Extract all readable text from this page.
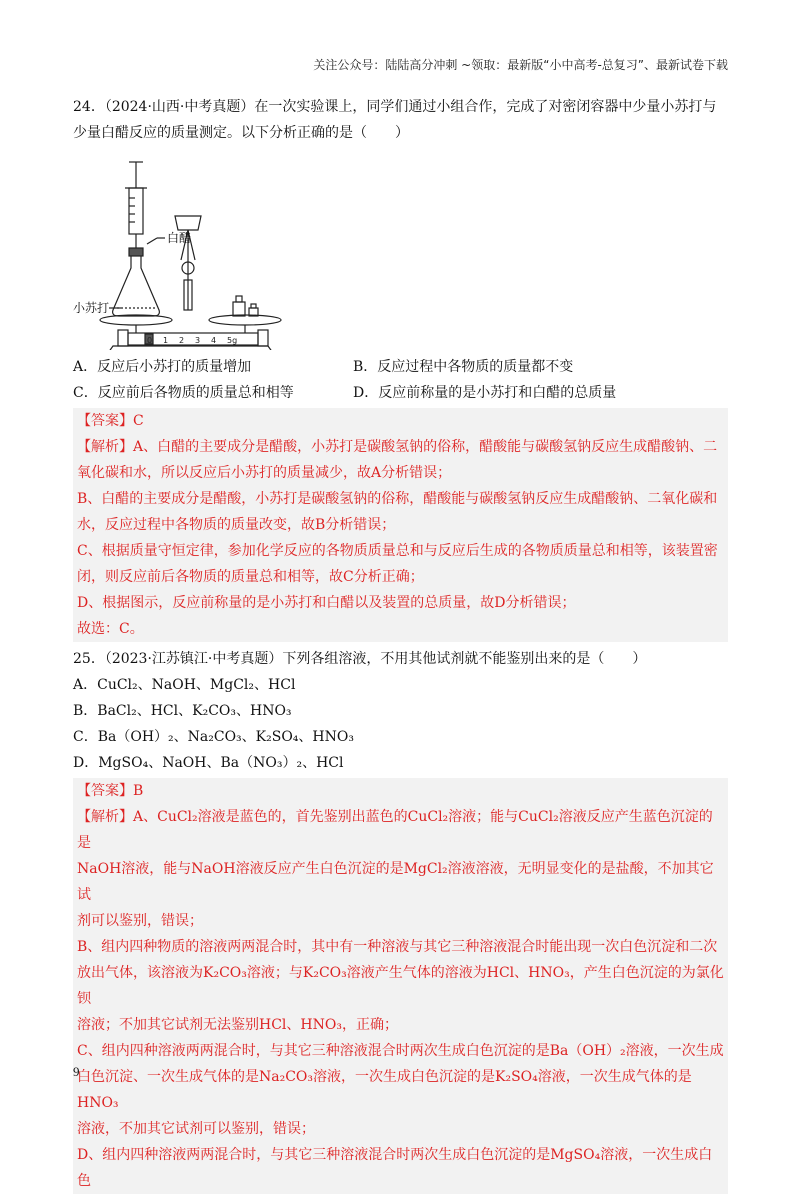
关注公众号：陆陆高分冲刺 ~领取：最新版“小中高考-总复习”、最新试卷下载
24．（2024·山西·中考真题）在一次实验课上，同学们通过小组合作，完成了对密闭容器中少量小苏打与
少量白醋反应的质量测定。以下分析正确的是（　　）
0 1 2 3 4 5g
白醋
小苏打
A．反应后小苏打的质量增加	B．反应过程中各物质的质量都不变
C．反应前后各物质的质量总和相等	D．反应前称量的是小苏打和白醋的总质量

【答案】C

【解析】A、白醋的主要成分是醋酸，小苏打是碳酸氢钠的俗称，醋酸能与碳酸氢钠反应生成醋酸钠、二

氧化碳和水，所以反应后小苏打的质量减少，故A分析错误；

B、白醋的主要成分是醋酸，小苏打是碳酸氢钠的俗称，醋酸能与碳酸氢钠反应生成醋酸钠、二氧化碳和

水，反应过程中各物质的质量改变，故B分析错误；

C、根据质量守恒定律，参加化学反应的各物质质量总和与反应后生成的各物质质量总和相等，该装置密

闭，则反应前后各物质的质量总和相等，故C分析正确；

D、根据图示，反应前称量的是小苏打和白醋以及装置的总质量，故D分析错误；

故选：C。

25．（2023·江苏镇江·中考真题）下列各组溶液，不用其他试剂就不能鉴别出来的是（　　）
A．CuCl₂、NaOH、MgCl₂、HCl
B．BaCl₂、HCl、K₂CO₃、HNO₃
C．Ba（OH）₂、Na₂CO₃、K₂SO₄、HNO₃
D．MgSO₄、NaOH、Ba（NO₃）₂、HCl

【答案】B

【解析】A、CuCl₂溶液是蓝色的，首先鉴别出蓝色的CuCl₂溶液；能与CuCl₂溶液反应产生蓝色沉淀的是

NaOH溶液，能与NaOH溶液反应产生白色沉淀的是MgCl₂溶液溶液，无明显变化的是盐酸，不加其它试

剂可以鉴别，错误；

B、组内四种物质的溶液两两混合时，其中有一种溶液与其它三种溶液混合时能出现一次白色沉淀和二次

放出气体，该溶液为K₂CO₃溶液；与K₂CO₃溶液产生气体的溶液为HCl、HNO₃，产生白色沉淀的为氯化钡

溶液；不加其它试剂无法鉴别HCl、HNO₃，正确；

C、组内四种溶液两两混合时，与其它三种溶液混合时两次生成白色沉淀的是Ba（OH）₂溶液，一次生成

白色沉淀、一次生成气体的是Na₂CO₃溶液，一次生成白色沉淀的是K₂SO₄溶液，一次生成气体的是HNO₃

溶液，不加其它试剂可以鉴别，错误；

D、组内四种溶液两两混合时，与其它三种溶液混合时两次生成白色沉淀的是MgSO₄溶液，一次生成白色

9
